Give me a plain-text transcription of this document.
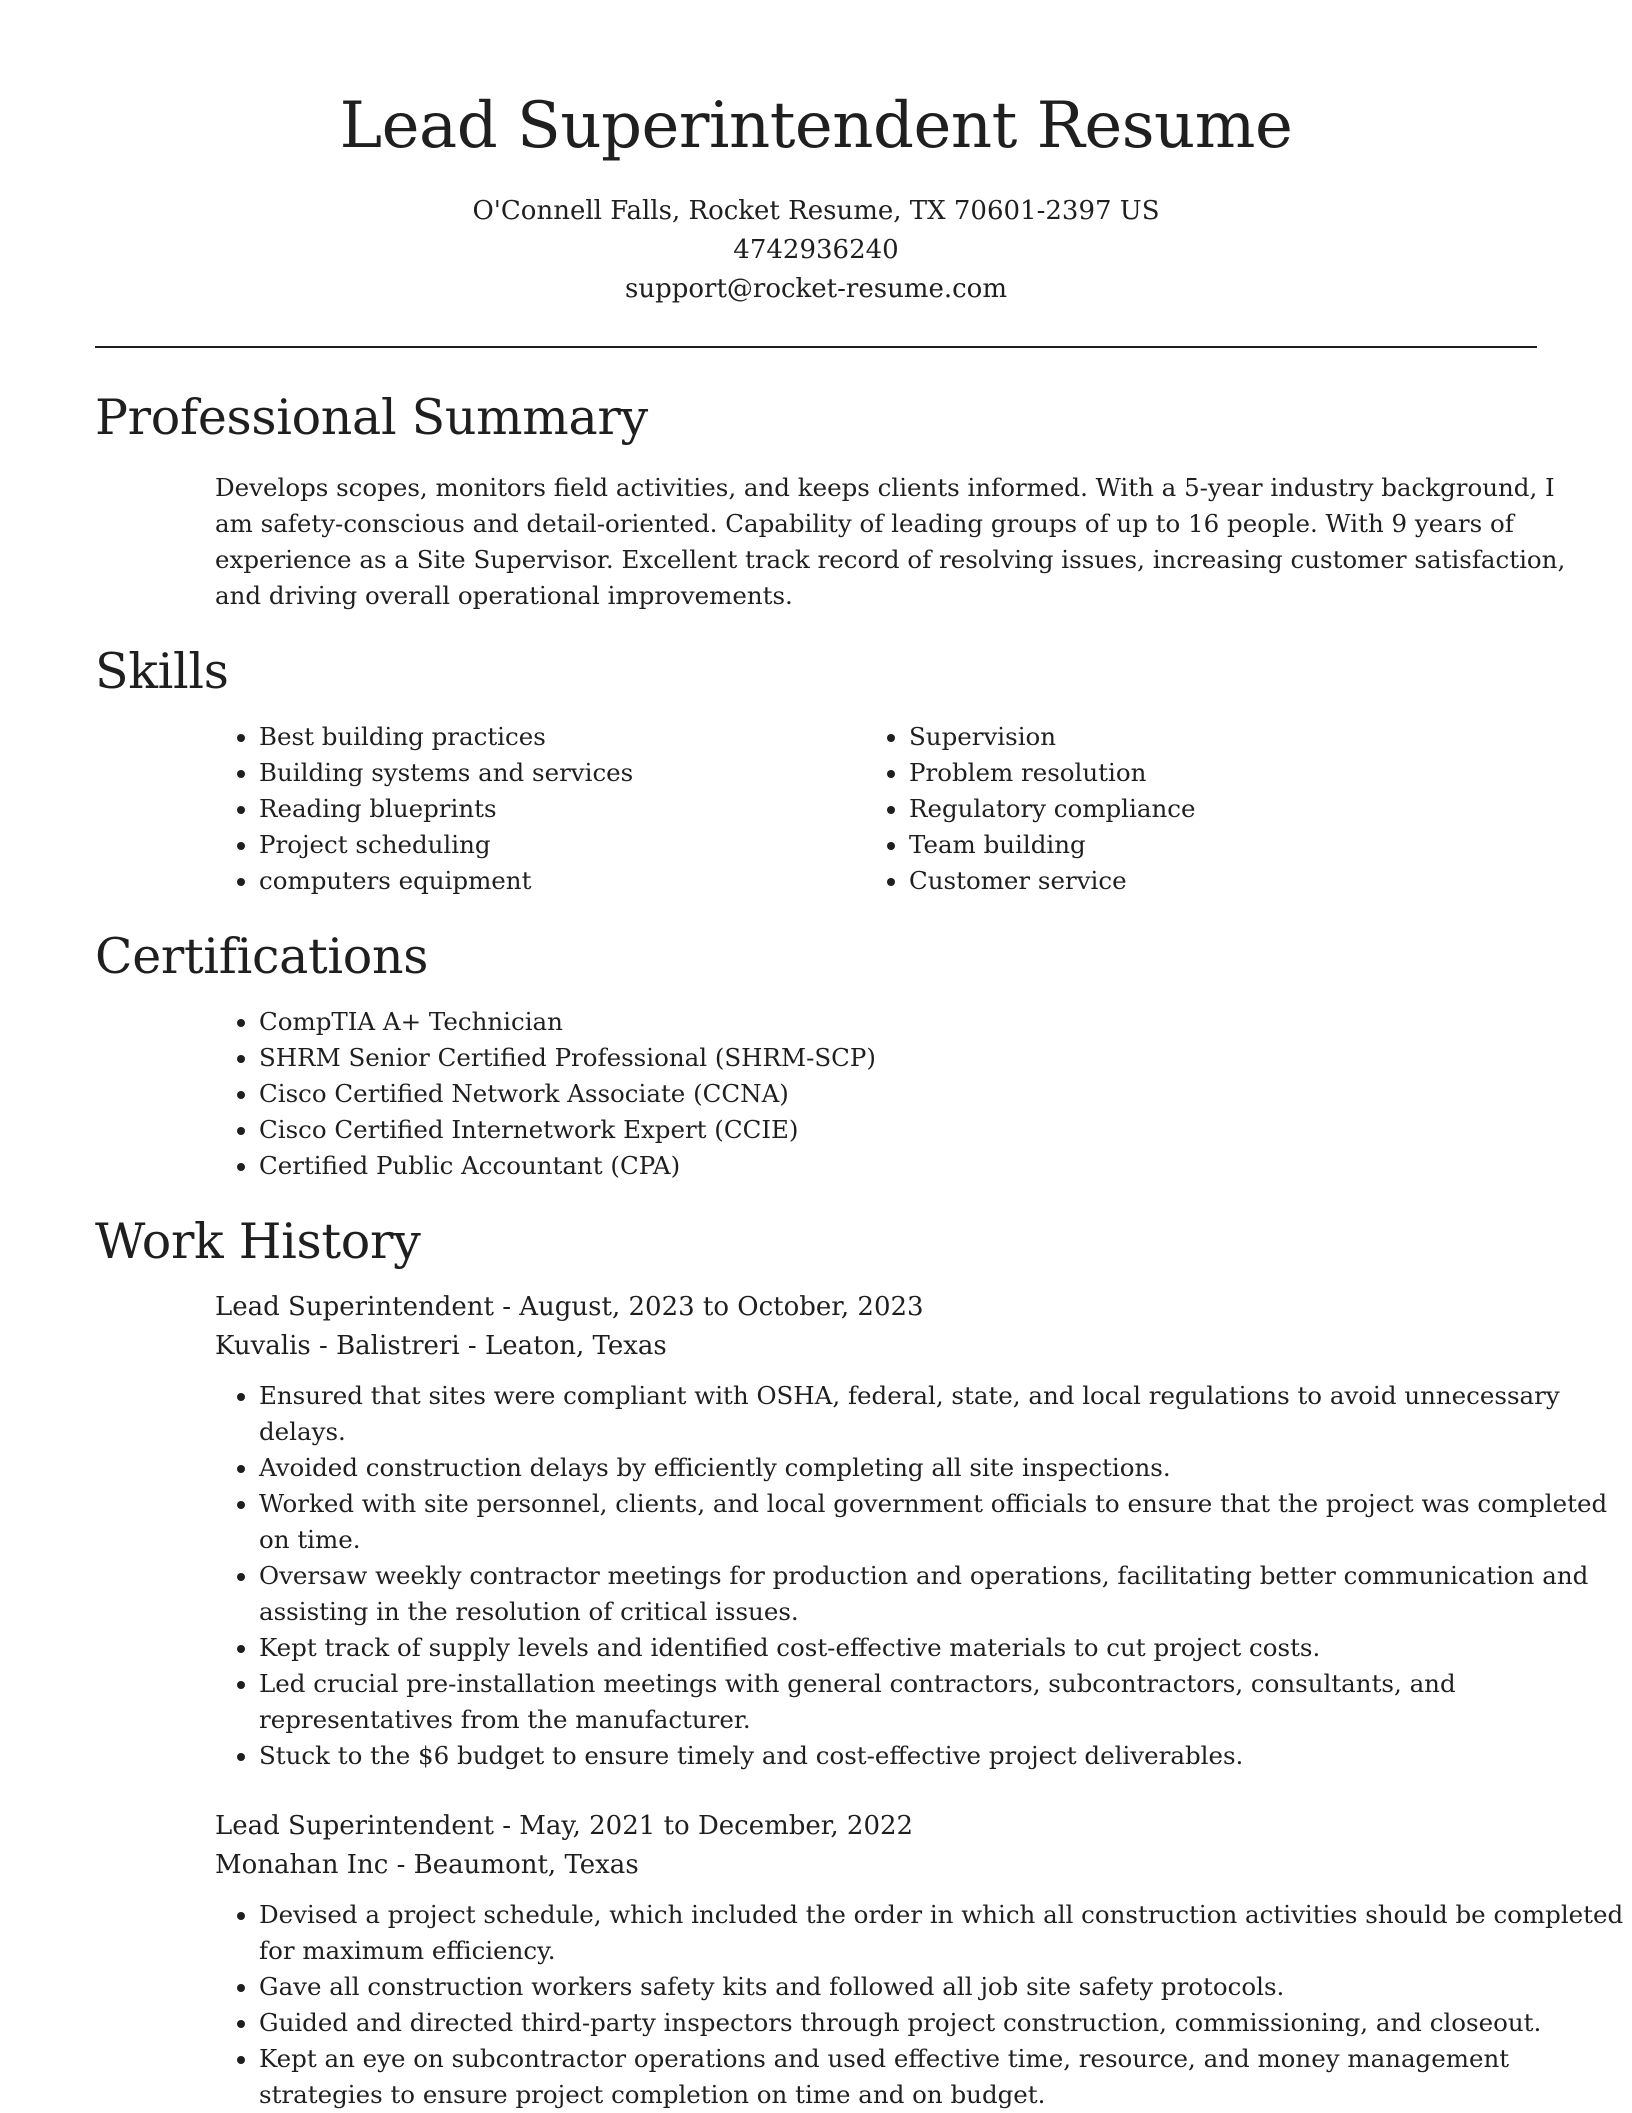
Lead Superintendent Resume
O'Connell Falls, Rocket Resume, TX 70601-2397 US
4742936240
support@rocket-resume.com
Professional Summary
Develops scopes, monitors field activities, and keeps clients informed. With a 5-year industry background, I am safety-conscious and detail-oriented. Capability of leading groups of up to 16 people. With 9 years of experience as a Site Supervisor. Excellent track record of resolving issues, increasing customer satisfaction, and driving overall operational improvements.
Skills
• Best building practices
• Building systems and services
• Reading blueprints
• Project scheduling
• computers equipment
• Supervision
• Problem resolution
• Regulatory compliance
• Team building
• Customer service
Certifications
• CompTIA A+ Technician
• SHRM Senior Certified Professional (SHRM-SCP)
• Cisco Certified Network Associate (CCNA)
• Cisco Certified Internetwork Expert (CCIE)
• Certified Public Accountant (CPA)
Work History
Lead Superintendent - August, 2023 to October, 2023
Kuvalis - Balistreri - Leaton, Texas
• Ensured that sites were compliant with OSHA, federal, state, and local regulations to avoid unnecessary delays.
• Avoided construction delays by efficiently completing all site inspections.
• Worked with site personnel, clients, and local government officials to ensure that the project was completed on time.
• Oversaw weekly contractor meetings for production and operations, facilitating better communication and assisting in the resolution of critical issues.
• Kept track of supply levels and identified cost-effective materials to cut project costs.
• Led crucial pre-installation meetings with general contractors, subcontractors, consultants, and representatives from the manufacturer.
• Stuck to the $6 budget to ensure timely and cost-effective project deliverables.
Lead Superintendent - May, 2021 to December, 2022
Monahan Inc - Beaumont, Texas
• Devised a project schedule, which included the order in which all construction activities should be completed for maximum efficiency.
• Gave all construction workers safety kits and followed all job site safety protocols.
• Guided and directed third-party inspectors through project construction, commissioning, and closeout.
• Kept an eye on subcontractor operations and used effective time, resource, and money management strategies to ensure project completion on time and on budget.
